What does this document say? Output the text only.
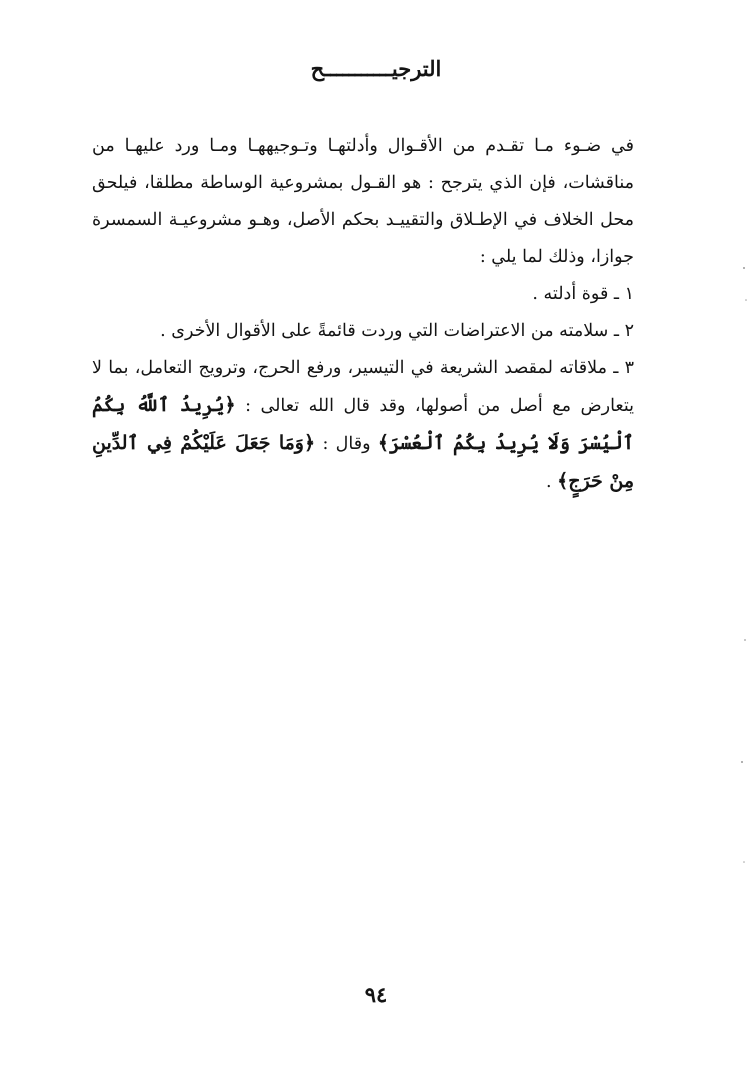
الترجيـــــــــــح

في ضـوء مـا تقـدم من الأقـوال وأدلتهـا وتـوجيههـا ومـا ورد عليهـا من مناقشات، فإن الذي يترجح : هو القـول بمشروعية الوساطة مطلقا، فيلحق محل الخلاف في الإطـلاق والتقييـد بحكم الأصل، وهـو مشروعيـة السمسرة جوازا، وذلك لما يلي :

١ ـ قوة أدلته .

٢ ـ سلامته من الاعتراضات التي وردت قائمةً على الأقوال الأخرى .

٣ ـ ملاقاته لمقصد الشريعة في التيسير، ورفع الحرج، وترويج التعامل، بما لا يتعارض مع أصل من أصولها، وقد قال الله تعالى : ﴿يُرِيدُ ٱللَّهُ بِكُمُ ٱلْيُسْرَ وَلَا يُرِيدُ بِكُمُ ٱلْعُسْرَ﴾ وقال : ﴿وَمَا جَعَلَ عَلَيْكُمْ فِي ٱلدِّينِ مِنْ حَرَجٍ﴾ .

٩٤
